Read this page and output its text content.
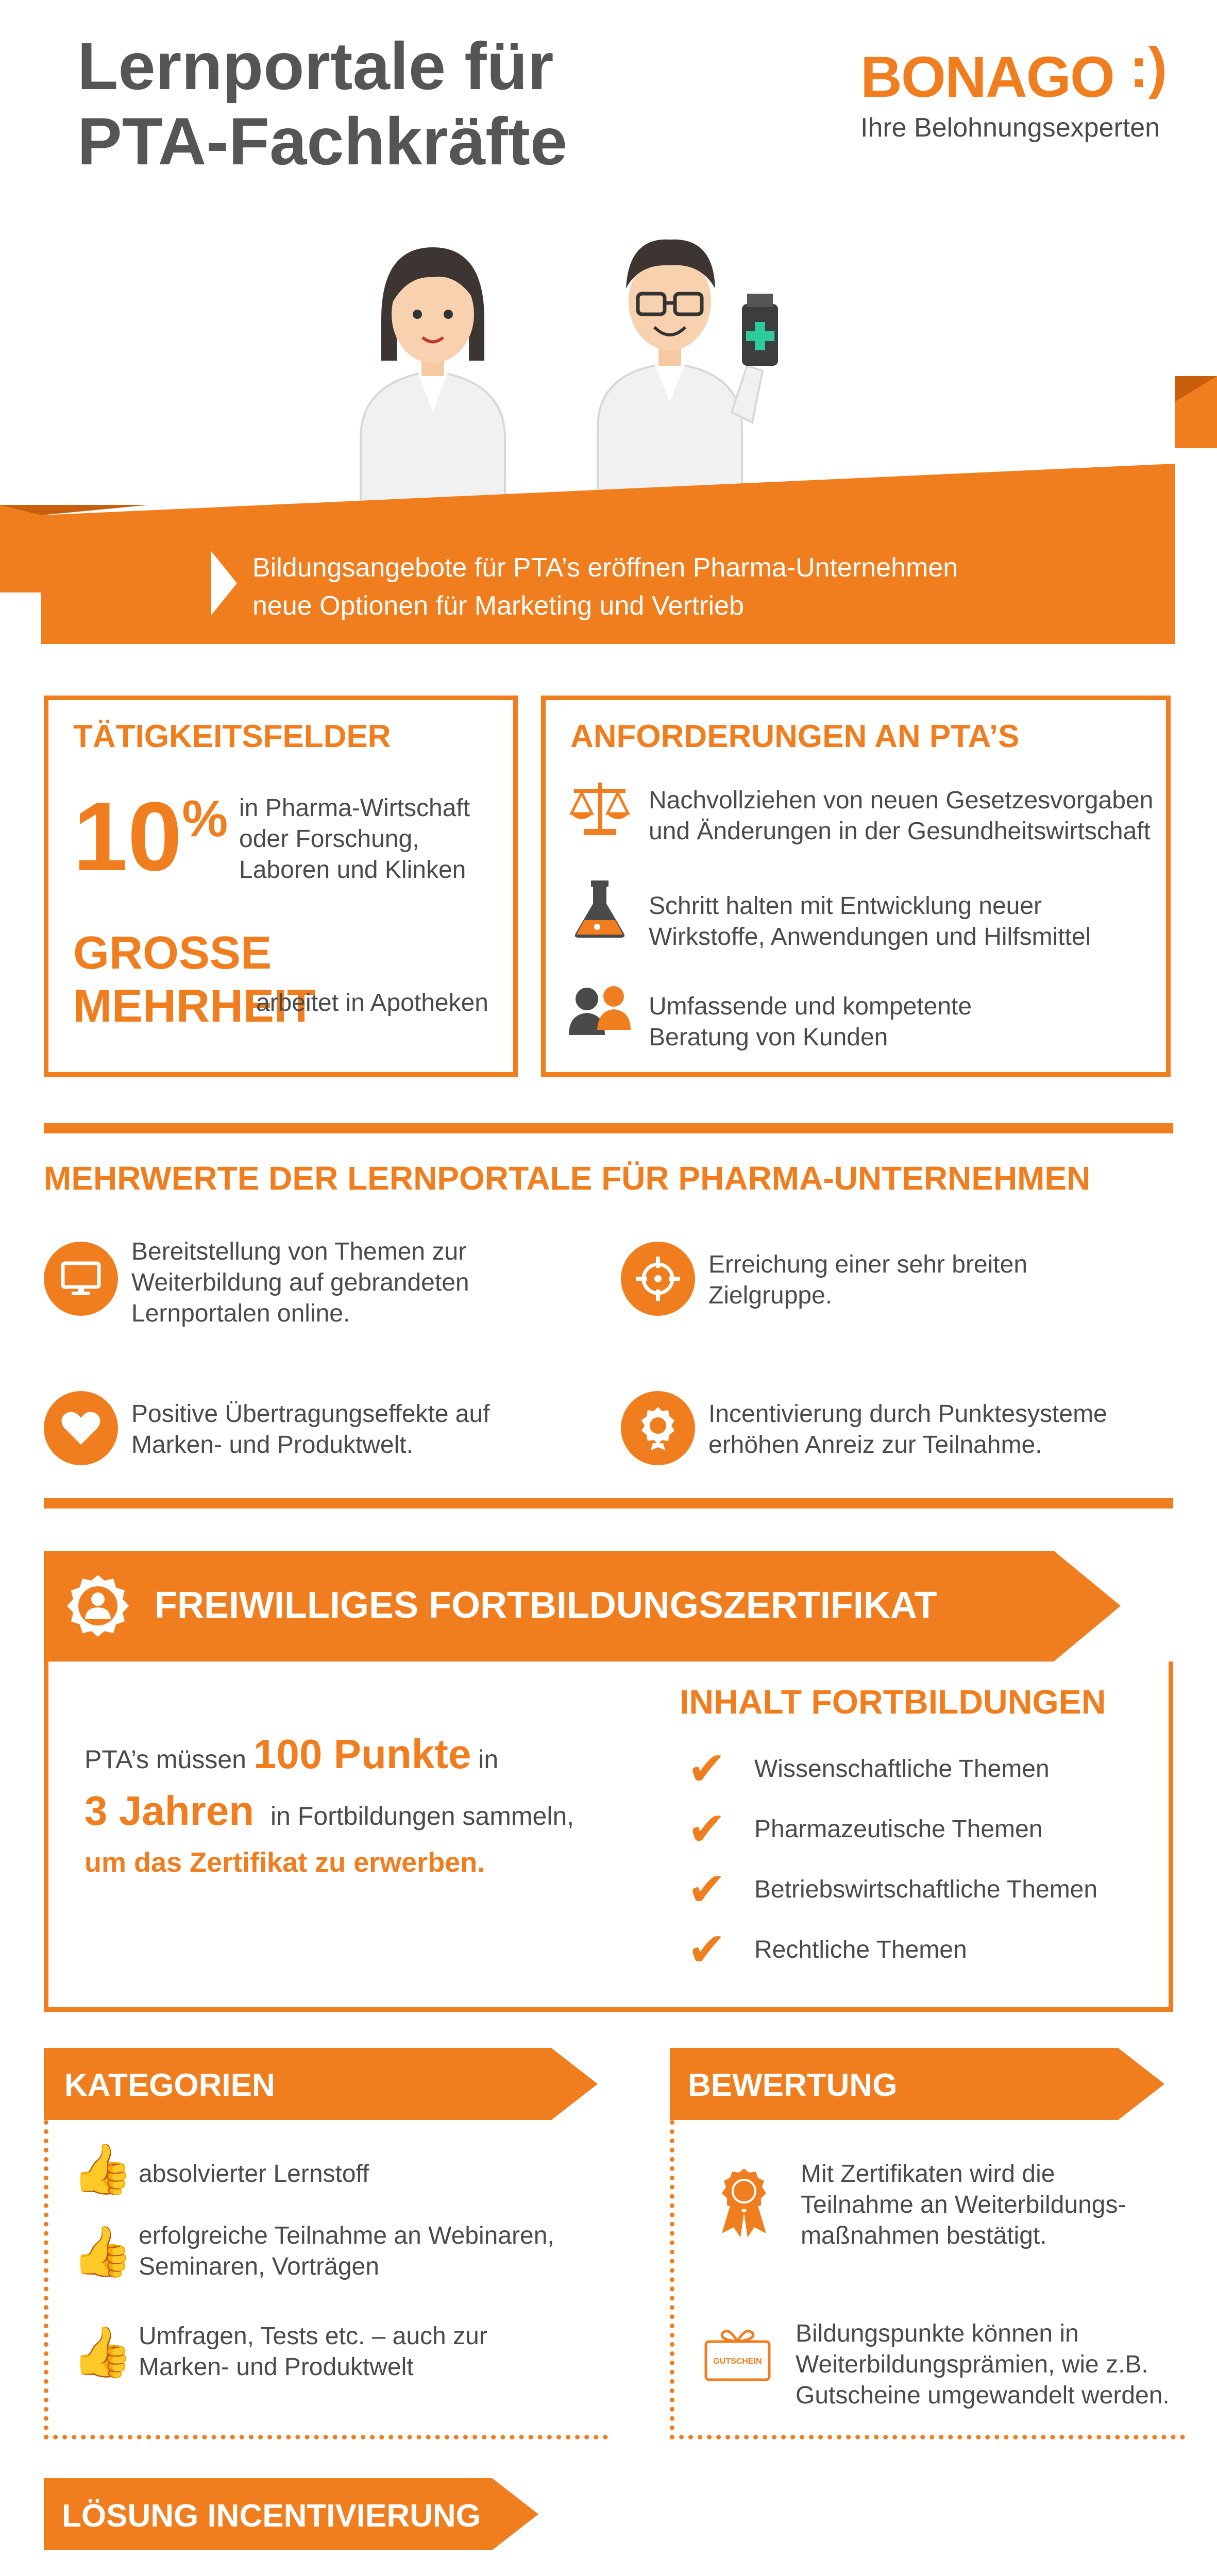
Lernportale für
PTA-Fachkräfte
BONAGO :)
Ihre Belohnungsexperten
Bildungsangebote für PTA’s eröffnen Pharma-Unternehmen
neue Optionen für Marketing und Vertrieb
TÄTIGKEITSFELDER
10 % in Pharma-Wirtschaft
oder Forschung,
Laboren und Klinken
GROSSE MEHRHEIT
arbeitet in Apotheken
ANFORDERUNGEN AN PTA’S
Nachvollziehen von neuen Gesetzesvorgaben
und Änderungen in der Gesundheitswirtschaft
Schritt halten mit Entwicklung neuer
Wirkstoffe, Anwendungen und Hilfsmittel
Umfassende und kompetente
Beratung von Kunden
MEHRWERTE DER LERNPORTALE FÜR PHARMA-UNTERNEHMEN
Bereitstellung von Themen zur
Weiterbildung auf gebrandeten
Lernportalen online.
Erreichung einer sehr breiten
Zielgruppe.
Positive Übertragungseffekte auf
Marken- und Produktwelt.
Incentivierung durch Punktesysteme
erhöhen Anreiz zur Teilnahme.
FREIWILLIGES FORTBILDUNGSZERTIFIKAT
PTA’s müssen 100 Punkte in
3 Jahren in Fortbildungen sammeln,
um das Zertifikat zu erwerben.
INHALT FORTBILDUNGEN
✔	Wissenschaftliche Themen
✔	Pharmazeutische Themen
✔	Betriebswirtschaftliche Themen
✔	Rechtliche Themen
KATEGORIEN
👍 absolvierter Lernstoff
👍 erfolgreiche Teilnahme an Webinaren,
Seminaren, Vorträgen
👍 Umfragen, Tests etc. – auch zur
Marken- und Produktwelt
BEWERTUNG
Mit Zertifikaten wird die
Teilnahme an Weiterbildungs-
maßnahmen bestätigt.
GUTSCHEIN
Bildungspunkte können in
Weiterbildungsprämien, wie z.B.
Gutscheine umgewandelt werden.
LÖSUNG INCENTIVIERUNG
